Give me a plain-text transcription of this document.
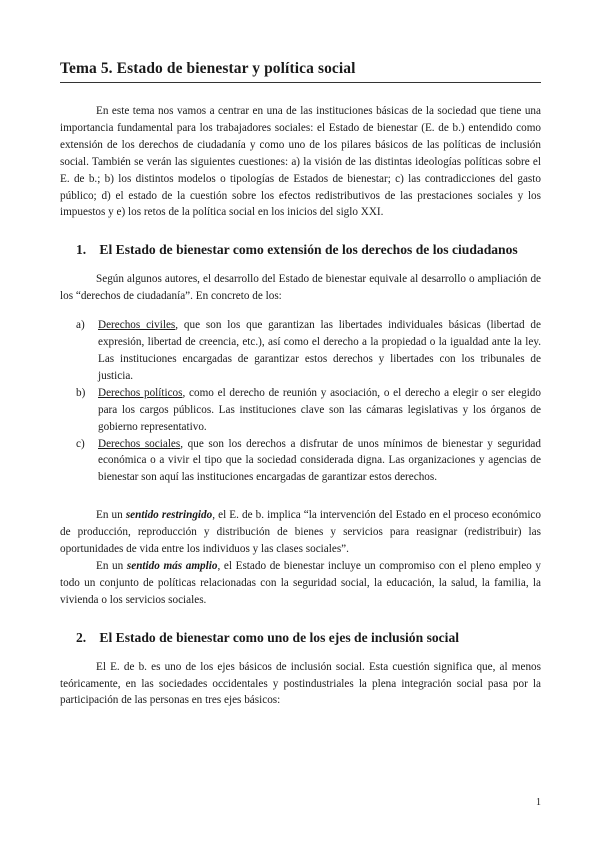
Tema 5. Estado de bienestar y política social

En este tema nos vamos a centrar en una de las instituciones básicas de la sociedad que tiene una importancia fundamental para los trabajadores sociales: el Estado de bienestar (E. de b.) entendido como extensión de los derechos de ciudadanía y como uno de los pilares básicos de las políticas de inclusión social. También se verán las siguientes cuestiones: a) la visión de las distintas ideologías políticas sobre el E. de b.; b) los distintos modelos o tipologías de Estados de bienestar; c) las contradicciones del gasto público; d) el estado de la cuestión sobre los efectos redistributivos de las prestaciones sociales y los impuestos y e) los retos de la política social en los inicios del siglo XXI.

1. El Estado de bienestar como extensión de los derechos de los ciudadanos

Según algunos autores, el desarrollo del Estado de bienestar equivale al desarrollo o ampliación de los “derechos de ciudadanía”. En concreto de los:

a) Derechos civiles, que son los que garantizan las libertades individuales básicas (libertad de expresión, libertad de creencia, etc.), así como el derecho a la propiedad o la igualdad ante la ley. Las instituciones encargadas de garantizar estos derechos y libertades con los tribunales de justicia.
b) Derechos políticos, como el derecho de reunión y asociación, o el derecho a elegir o ser elegido para los cargos públicos. Las instituciones clave son las cámaras legislativas y los órganos de gobierno representativo.
c) Derechos sociales, que son los derechos a disfrutar de unos mínimos de bienestar y seguridad económica o a vivir el tipo que la sociedad considerada digna. Las organizaciones y agencias de bienestar son aquí las instituciones encargadas de garantizar estos derechos.

En un sentido restringido, el E. de b. implica “la intervención del Estado en el proceso económico de producción, reproducción y distribución de bienes y servicios para reasignar (redistribuir) las oportunidades de vida entre los individuos y las clases sociales”.

En un sentido más amplio, el Estado de bienestar incluye un compromiso con el pleno empleo y todo un conjunto de políticas relacionadas con la seguridad social, la educación, la salud, la familia, la vivienda o los servicios sociales.

2. El Estado de bienestar como uno de los ejes de inclusión social

El E. de b. es uno de los ejes básicos de inclusión social. Esta cuestión significa que, al menos teóricamente, en las sociedades occidentales y postindustriales la plena integración social pasa por la participación de las personas en tres ejes básicos:

1
